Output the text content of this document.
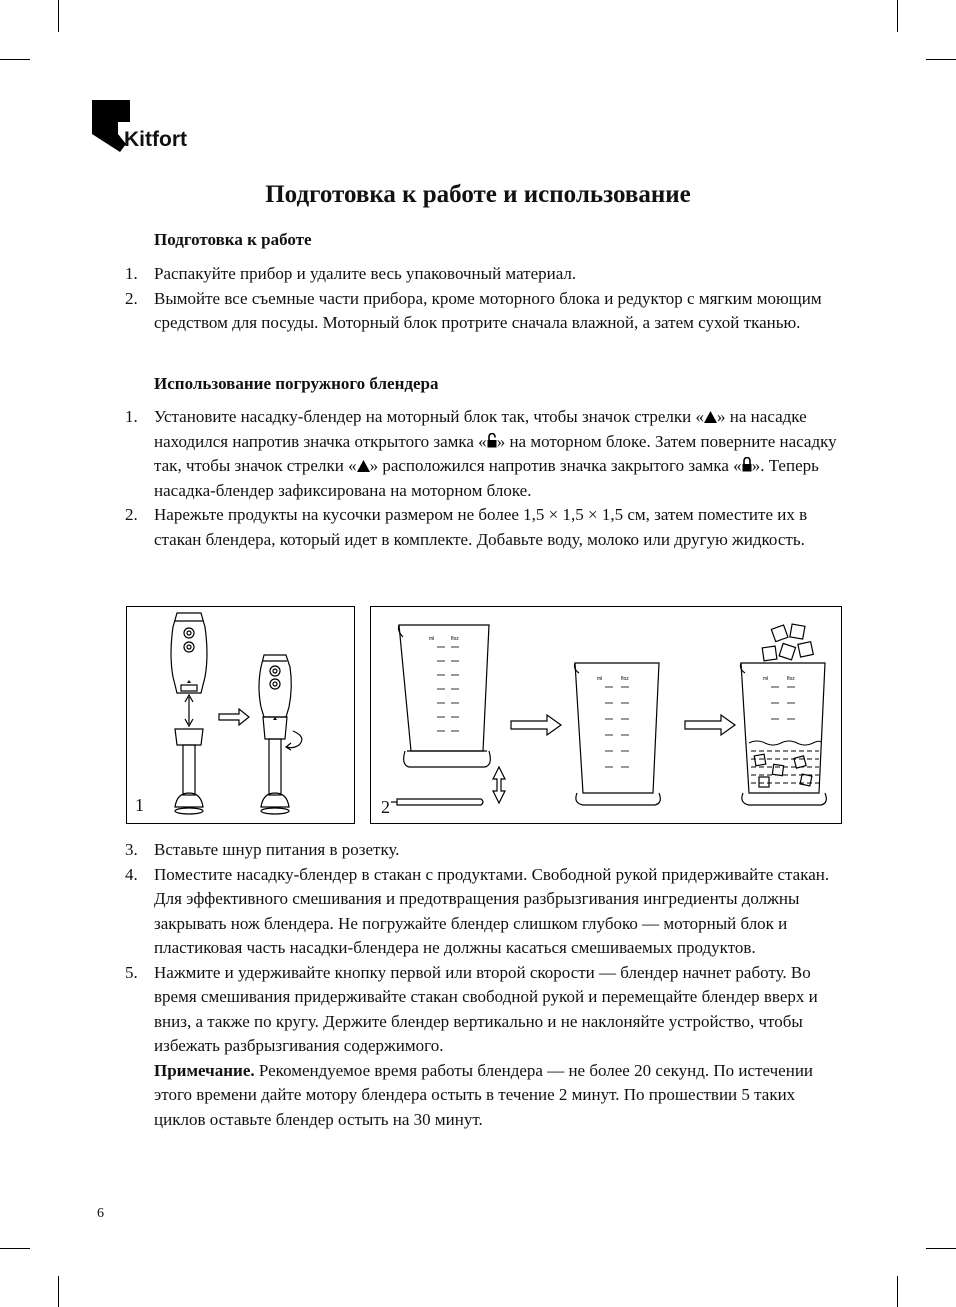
Kitfort
Подготовка к работе и использование
Подготовка к работе
1. Распакуйте прибор и удалите весь упаковочный материал.
2. Вымойте все съемные части прибора, кроме моторного блока и редуктор с мягким моющим средством для посуды. Моторный блок протрите сначала влажной, а затем сухой тканью.
Использование погружного блендера
1. Установите насадку-блендер на моторный блок так, чтобы значок стрелки « » на насадке находился напротив значка открытого замка « » на моторном блоке. Затем поверните насадку так, чтобы значок стрелки « » расположился напротив значка закрытого замка « ». Теперь насадка-блендер зафиксирована на моторном блоке.
2. Нарежьте продукты на кусочки размером не более 1,5 × 1,5 × 1,5 см, затем поместите их в стакан блендера, который идет в комплекте. Добавьте воду, молоко или другую жидкость.
1
ml	floz
ml	floz	ml	floz
2
3. Вставьте шнур питания в розетку.
4. Поместите насадку-блендер в стакан с продуктами. Свободной рукой придерживайте стакан. Для эффективного смешивания и предотвращения разбрызгивания ингредиенты должны закрывать нож блендера. Не погружайте блендер слишком глубоко — моторный блок и пластиковая часть насадки-блендера не должны касаться смешиваемых продуктов.
5. Нажмите и удерживайте кнопку первой или второй скорости — блендер начнет работу. Во время смешивания придерживайте стакан свободной рукой и перемещайте блендер вверх и вниз, а также по кругу. Держите блендер вертикально и не наклоняйте устройство, чтобы избежать разбрызгивания содержимого.
Примечание. Рекомендуемое время работы блендера — не более 20 секунд. По истечении этого времени дайте мотору блендера остыть в течение 2 минут. По прошествии 5 таких циклов оставьте блендер остыть на 30 минут.
6
